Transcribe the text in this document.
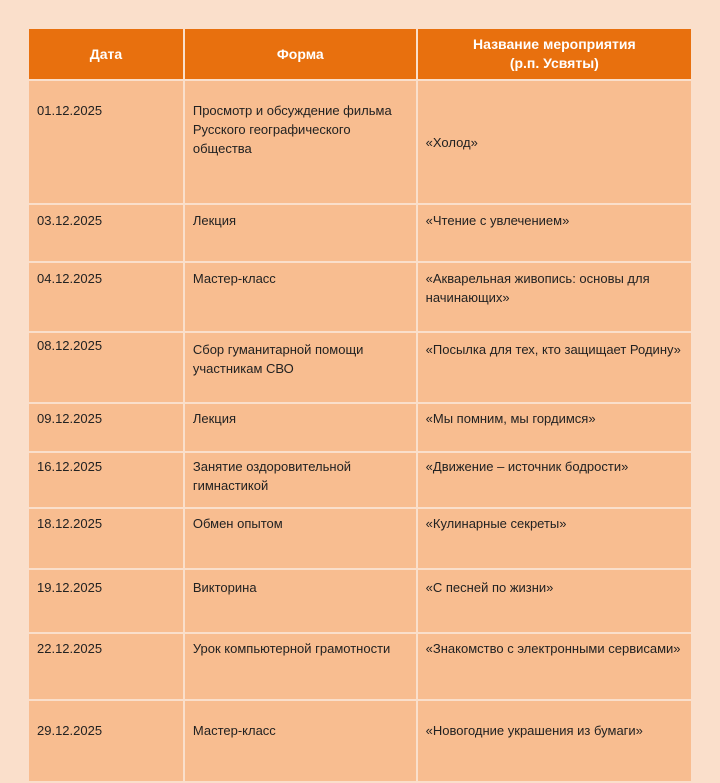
Дата	Форма	Название мероприятия
(р.п. Усвяты)

01.12.2025	Просмотр и обсуждение фильма Русского географического общества	«Холод»
03.12.2025	Лекция	«Чтение с увлечением»
04.12.2025	Мастер-класс	«Акварельная живопись: основы для начинающих»
08.12.2025	Сбор гуманитарной помощи участникам СВО	«Посылка для тех, кто защищает Родину»
09.12.2025	Лекция	«Мы помним, мы гордимся»
16.12.2025	Занятие оздоровительной гимнастикой	«Движение – источник бодрости»
18.12.2025	Обмен опытом	«Кулинарные секреты»
19.12.2025	Викторина	«С песней по жизни»
22.12.2025	Урок компьютерной грамотности	«Знакомство с электронными сервисами»
29.12.2025	Мастер-класс	«Новогодние украшения из бумаги»
